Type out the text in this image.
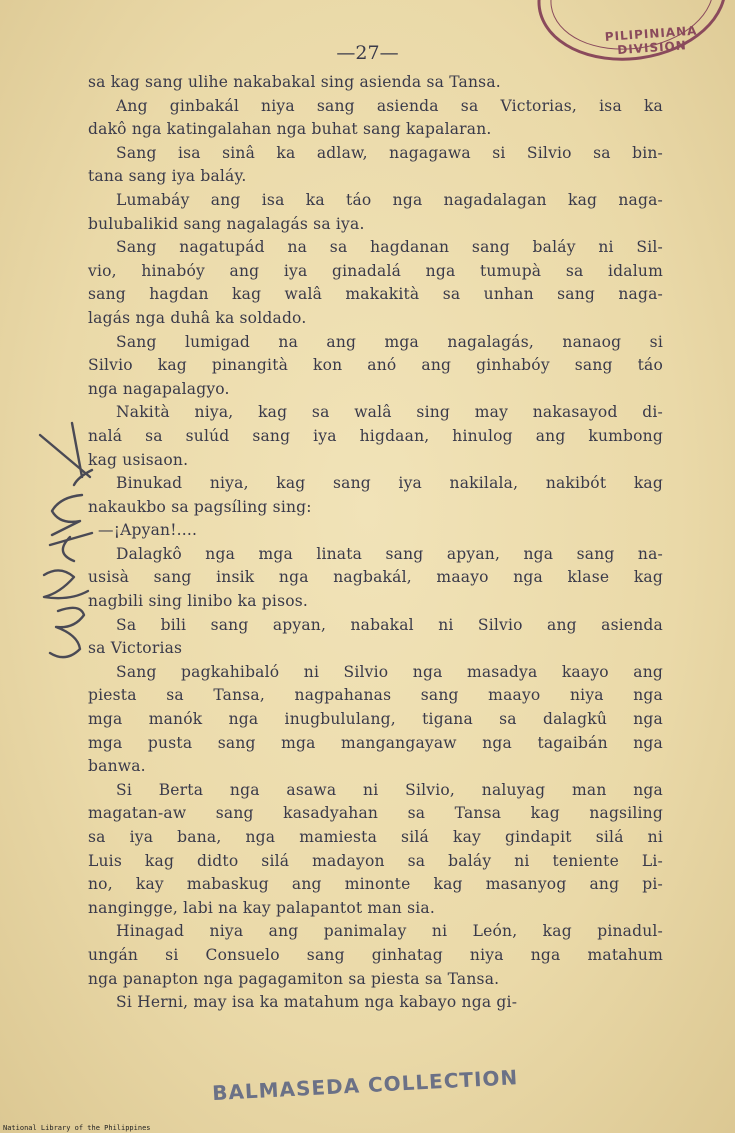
PILIPINIANA DIVISION
—27—
sa kag sang ulihe nakabakal sing asienda sa Tansa.
Ang ginbakál niya sang asienda sa Victorias, isa ka
dakô nga katingalahan nga buhat sang kapalaran.
Sang isa sinâ ka adlaw, nagagawa si Silvio sa bin-
tana sang iya baláy.
Lumabáy ang isa ka táo nga nagadalagan kag naga-
bulubalikid sang nagalagás sa iya.
Sang nagatupád na sa hagdanan sang baláy ni Sil-
vio, hinabóy ang iya ginadalá nga tumupà sa idalum
sang hagdan kag walâ makakità sa unhan sang naga-
lagás nga duhâ ka soldado.
Sang lumigad na ang mga nagalagás, nanaog si
Silvio kag pinangità kon anó ang ginhabóy sang táo
nga nagapalagyo.
Nakità niya, kag sa walâ sing may nakasayod di-
nalá sa sulúd sang iya higdaan, hinulog ang kumbong
kag usisaon.
Binukad niya, kag sang iya nakilala, nakibót kag
nakaukbo sa pagsíling sing:
—¡Apyan!....
Dalagkô nga mga linata sang apyan, nga sang na-
usisà sang insik nga nagbakál, maayo nga klase kag
nagbili sing linibo ka pisos.
Sa bili sang apyan, nabakal ni Silvio ang asienda
sa Victorias
Sang pagkahibaló ni Silvio nga masadya kaayo ang
piesta sa Tansa, nagpahanas sang maayo niya nga
mga manók nga inugbululang, tigana sa dalagkû nga
mga pusta sang mga mangangayaw nga tagaibán nga
banwa.
Si Berta nga asawa ni Silvio, naluyag man nga
magatan-aw sang kasadyahan sa Tansa kag nagsiling
sa iya bana, nga mamiesta silá kay gindapit silá ni
Luis kag didto silá madayon sa baláy ni teniente Li-
no, kay mabaskug ang minonte kag masanyog ang pi-
nangingge, labi na kay palapantot man sia.
Hinagad niya ang panimalay ni León, kag pinadul-
ungán si Consuelo sang ginhatag niya nga matahum
nga panapton nga pagagamiton sa piesta sa Tansa.
Si Herni, may isa ka matahum nga kabayo nga gi-
BALMASEDA COLLECTION
National Library of the Philippines
